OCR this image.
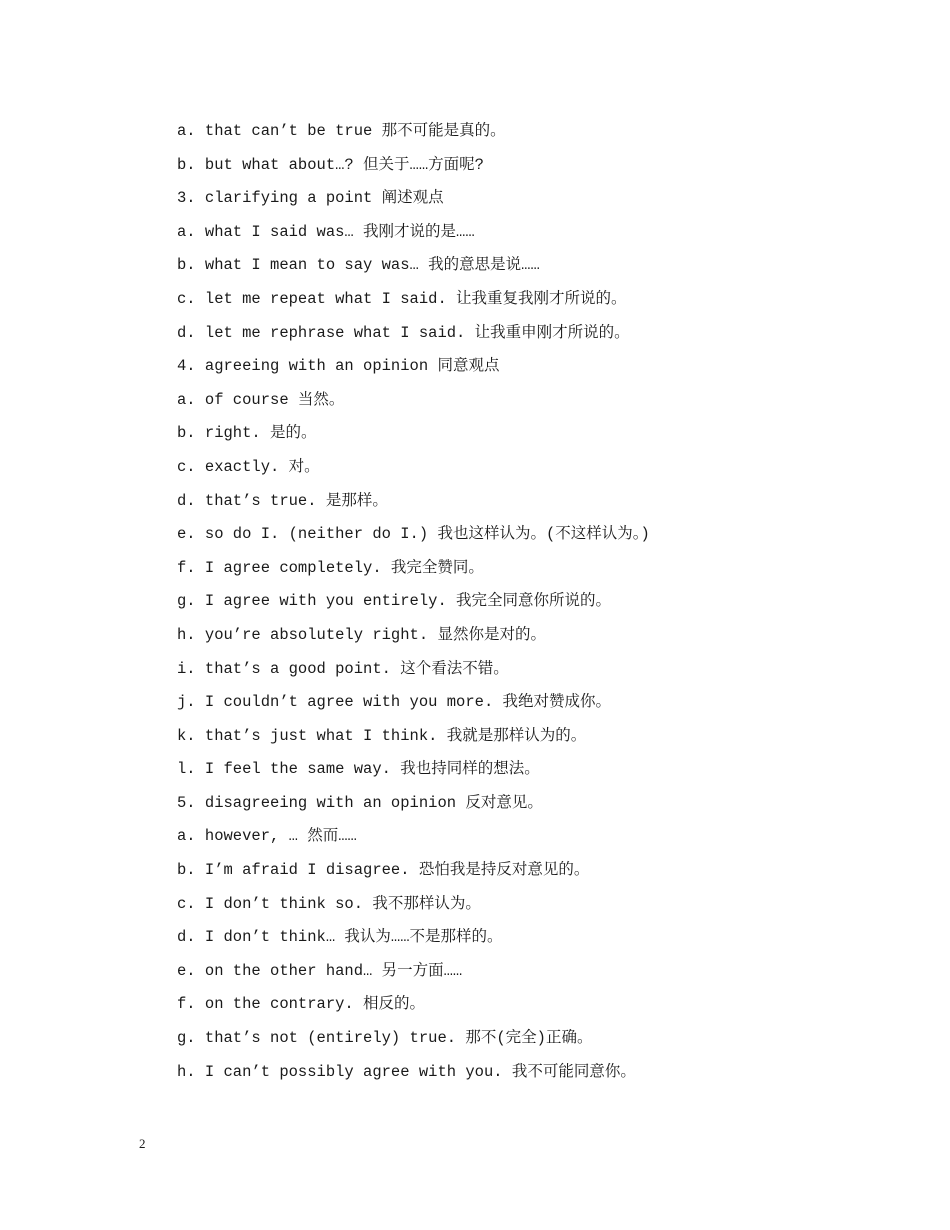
a. that can’t be true 那不可能是真的。
b. but what about…? 但关于……方面呢?
3. clarifying a point 阐述观点
a. what I said was… 我刚才说的是……
b. what I mean to say was… 我的意思是说……
c. let me repeat what I said. 让我重复我刚才所说的。
d. let me rephrase what I said. 让我重申刚才所说的。
4. agreeing with an opinion 同意观点
a. of course 当然。
b. right. 是的。
c. exactly. 对。
d. that’s true. 是那样。
e. so do I. (neither do I.) 我也这样认为。(不这样认为。)
f. I agree completely. 我完全赞同。
g. I agree with you entirely. 我完全同意你所说的。
h. you’re absolutely right. 显然你是对的。
i. that’s a good point. 这个看法不错。
j. I couldn’t agree with you more. 我绝对赞成你。
k. that’s just what I think. 我就是那样认为的。
l. I feel the same way. 我也持同样的想法。
5. disagreeing with an opinion 反对意见。
a. however, … 然而……
b. I’m afraid I disagree. 恐怕我是持反对意见的。
c. I don’t think so. 我不那样认为。
d. I don’t think… 我认为……不是那样的。
e. on the other hand… 另一方面……
f. on the contrary. 相反的。
g. that’s not (entirely) true. 那不(完全)正确。
h. I can’t possibly agree with you. 我不可能同意你。
2
